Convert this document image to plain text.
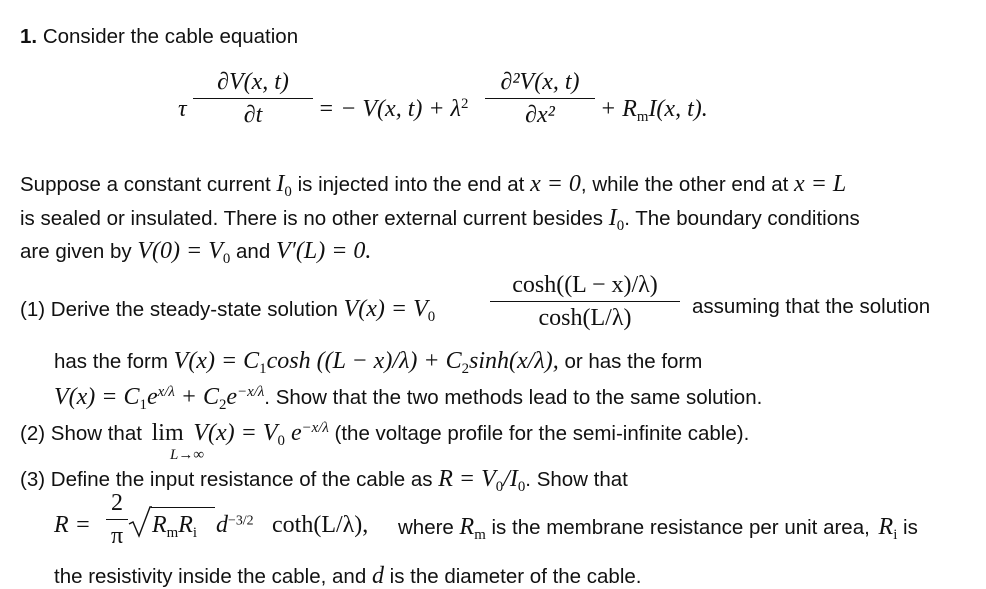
1. Consider the cable equation
τ
∂V(x, t)
∂t	= − V(x, $t) + \lambda^2$
∂²V(x, t)
∂x²	+ $R_mI(x$, t).
Suppose a constant current $I_0$ is injected into the end at x = 0, while the other end at x = L
is sealed or insulated. There is no other external current besides $I_0$. The boundary conditions
are given by $V(0) = V_0$ and V′(L) = 0.
(1) Derive the steady-state solution $V(x) = V_0$
cosh((L − x)/λ)
cosh(L/λ)	assuming that the solution
has the form $V(x) = C_1\cosh$ $((L - x)/\lambda) + C_2\sinh(x/\lambda)$, or has the form
$V(x) = C_1e^{x/\lambda} + C_2e^{-x/\lambda}$. Show that the two methods lead to the same solution.
(2) Show that $\lim V(x) = V_0$ $e^{-x/\lambda}$ (the voltage profile for the semi-infinite cable).
L→∞
(3) Define the input resistance of the cable as $R = V_0/I_0$. Show that
R =
2
π $R_mR_i$ $d^{-3/2}$ coth(L/λ), where $R_m$ is the membrane resistance per unit area, $R_i$ is
the resistivity inside the cable, and d is the diameter of the cable.
